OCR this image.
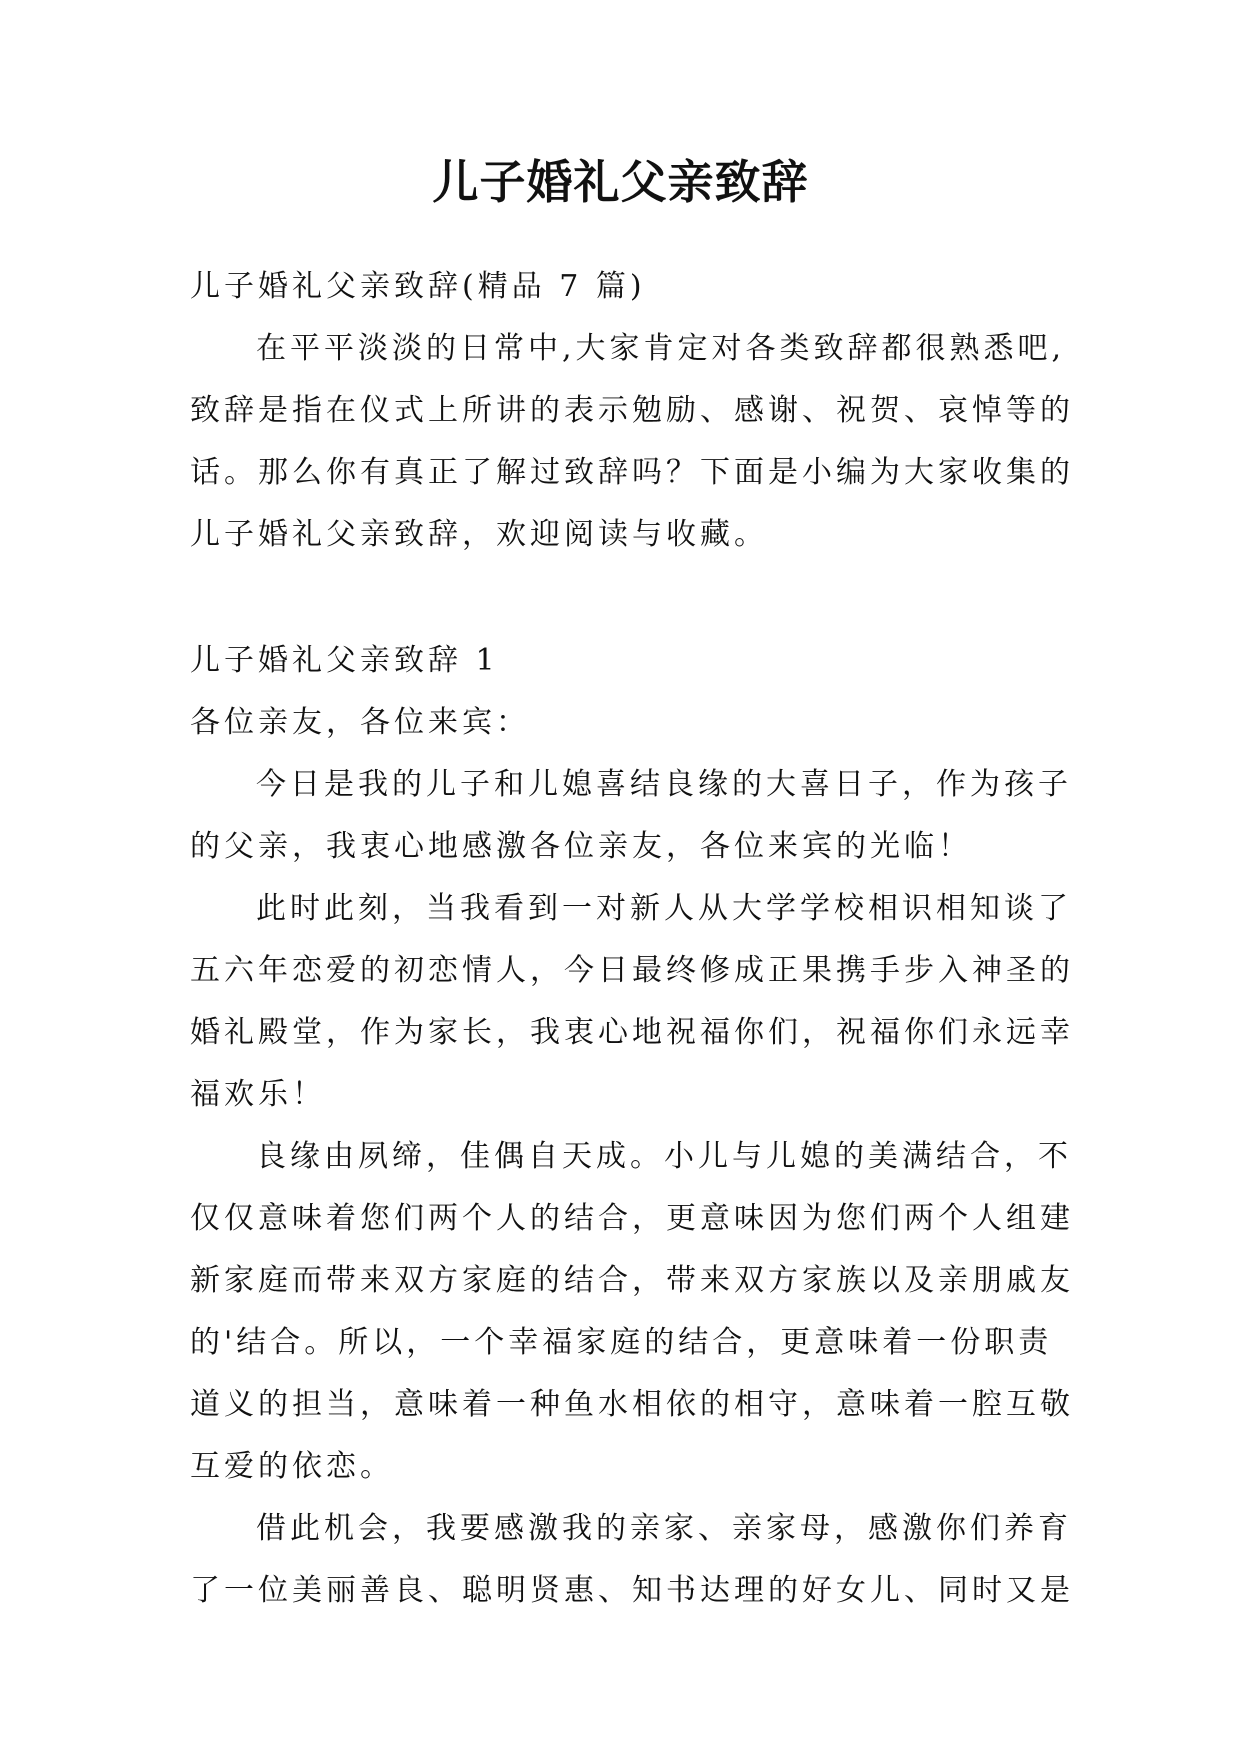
儿子婚礼父亲致辞

儿子婚礼父亲致辞(精品 7 篇)

在平平淡淡的日常中,大家肯定对各类致辞都很熟悉吧,

致辞是指在仪式上所讲的表示勉励、感谢、祝贺、哀悼等的

话。那么你有真正了解过致辞吗？下面是小编为大家收集的

儿子婚礼父亲致辞，欢迎阅读与收藏。

儿子婚礼父亲致辞 1

各位亲友，各位来宾：

今日是我的儿子和儿媳喜结良缘的大喜日子，作为孩子

的父亲，我衷心地感激各位亲友，各位来宾的光临！

此时此刻，当我看到一对新人从大学学校相识相知谈了

五六年恋爱的初恋情人，今日最终修成正果携手步入神圣的

婚礼殿堂，作为家长，我衷心地祝福你们，祝福你们永远幸

福欢乐！

良缘由夙缔，佳偶自天成。小儿与儿媳的美满结合，不

仅仅意味着您们两个人的结合，更意味因为您们两个人组建

新家庭而带来双方家庭的结合，带来双方家族以及亲朋戚友

的'结合。所以，一个幸福家庭的结合，更意味着一份职责

道义的担当，意味着一种鱼水相依的相守，意味着一腔互敬

互爱的依恋。

借此机会，我要感激我的亲家、亲家母，感激你们养育

了一位美丽善良、聪明贤惠、知书达理的好女儿、同时又是
